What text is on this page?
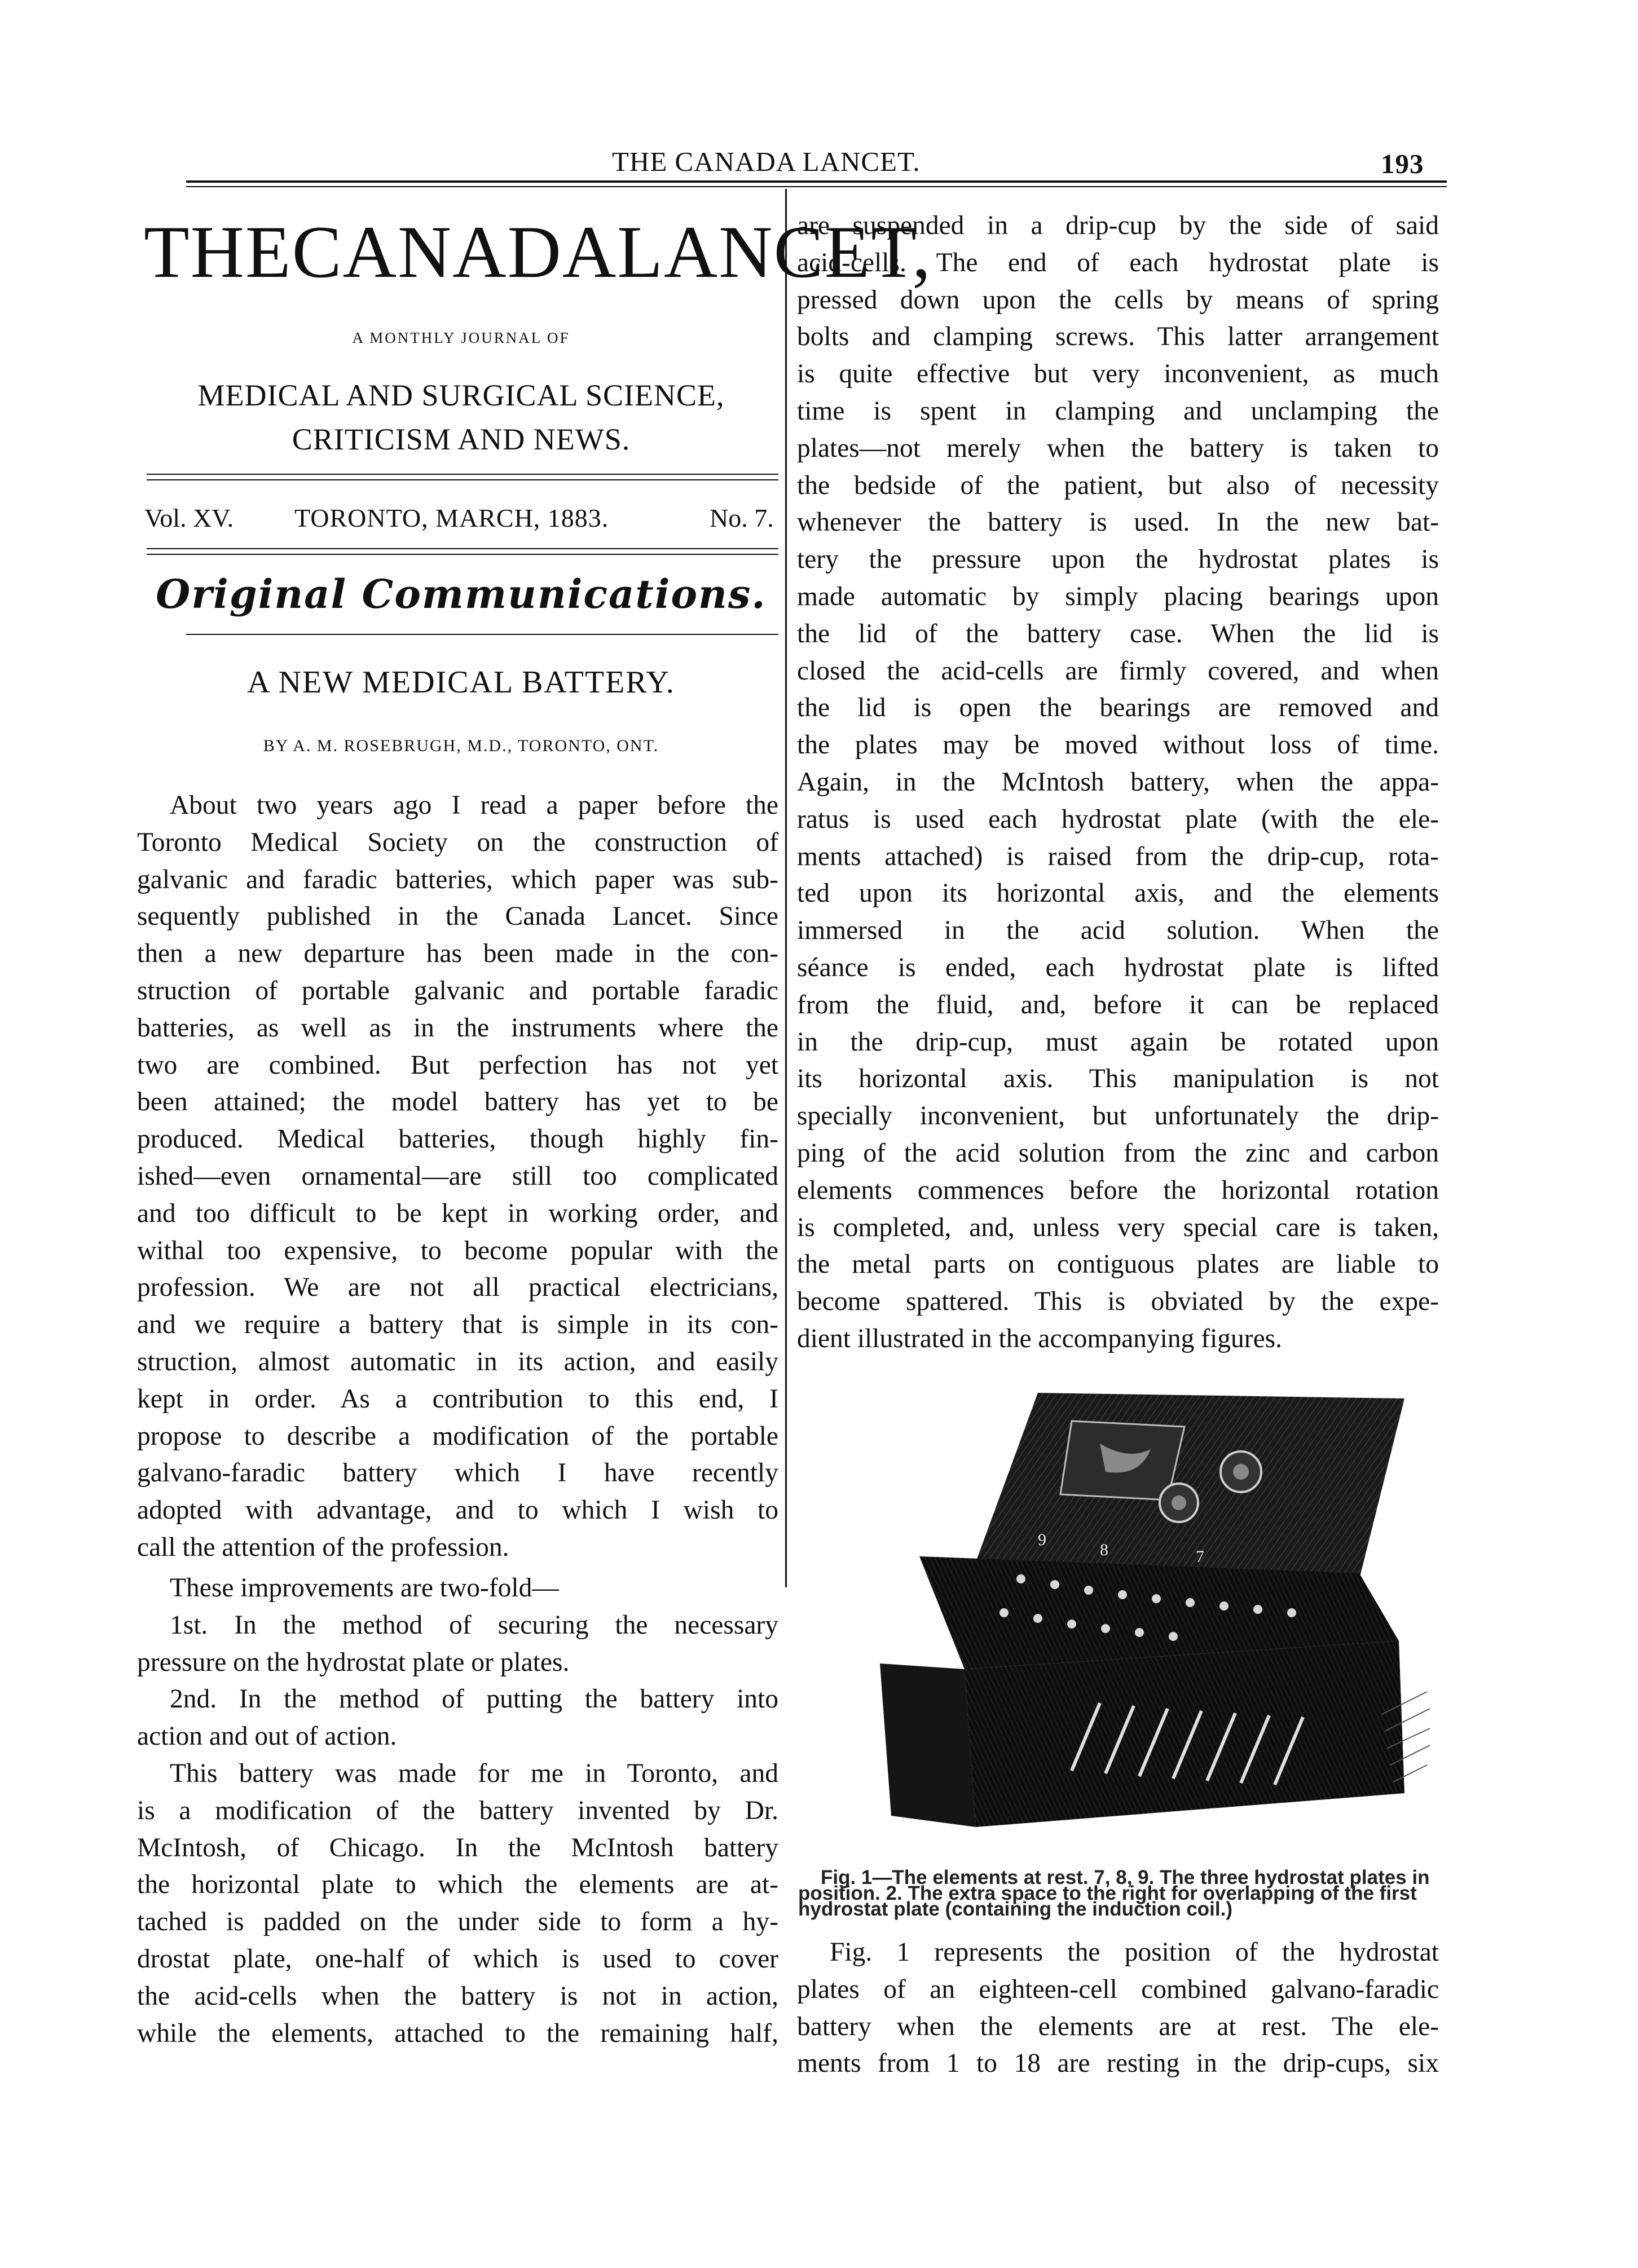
THE CANADA LANCET.	193
THE CANADA LANCET,
A MONTHLY JOURNAL OF
MEDICAL AND SURGICAL SCIENCE,
CRITICISM AND NEWS.
Vol. XV. TORONTO, MARCH, 1883.	No. 7.
Original Communications.
A NEW MEDICAL BATTERY.
BY A. M. ROSEBRUGH, M.D., TORONTO, ONT.
About two years ago I read a paper before the
Toronto Medical Society on the construction of
galvanic and faradic batteries, which paper was sub-
sequently published in the Canada Lancet. Since
then a new departure has been made in the con-
struction of portable galvanic and portable faradic
batteries, as well as in the instruments where the
two are combined. But perfection has not yet
been attained; the model battery has yet to be
produced. Medical batteries, though highly fin-
ished—even ornamental—are still too complicated
and too difficult to be kept in working order, and
withal too expensive, to become popular with the
profession. We are not all practical electricians,
and we require a battery that is simple in its con-
struction, almost automatic in its action, and easily
kept in order. As a contribution to this end, I
propose to describe a modification of the portable
galvano-faradic battery which I have recently
adopted with advantage, and to which I wish to
call the attention of the profession.
These improvements are two-fold—
1st. In the method of securing the necessary
pressure on the hydrostat plate or plates.
2nd. In the method of putting the battery into
action and out of action.
This battery was made for me in Toronto, and
is a modification of the battery invented by Dr.
McIntosh, of Chicago. In the McIntosh battery
the horizontal plate to which the elements are at-
tached is padded on the under side to form a hy-
drostat plate, one-half of which is used to cover
the acid-cells when the battery is not in action,
while the elements, attached to the remaining half,
are suspended in a drip-cup by the side of said
acid-cells. The end of each hydrostat plate is
pressed down upon the cells by means of spring
bolts and clamping screws. This latter arrangement
is quite effective but very inconvenient, as much
time is spent in clamping and unclamping the
plates—not merely when the battery is taken to
the bedside of the patient, but also of necessity
whenever the battery is used. In the new bat-
tery the pressure upon the hydrostat plates is
made automatic by simply placing bearings upon
the lid of the battery case. When the lid is
closed the acid-cells are firmly covered, and when
the lid is open the bearings are removed and
the plates may be moved without loss of time.
Again, in the McIntosh battery, when the appa-
ratus is used each hydrostat plate (with the ele-
ments attached) is raised from the drip-cup, rota-
ted upon its horizontal axis, and the elements
immersed in the acid solution. When the
séance is ended, each hydrostat plate is lifted
from the fluid, and, before it can be replaced
in the drip-cup, must again be rotated upon
its horizontal axis. This manipulation is not
specially inconvenient, but unfortunately the drip-
ping of the acid solution from the zinc and carbon
elements commences before the horizontal rotation
is completed, and, unless very special care is taken,
the metal parts on contiguous plates are liable to
become spattered. This is obviated by the expe-
dient illustrated in the accompanying figures.
9
8	7
Fig. 1—The elements at rest. 7, 8, 9. The three hydrostat plates in
position. 2. The extra space to the right for overlapping of the first
hydrostat plate (containing the induction coil.)
Fig. 1 represents the position of the hydrostat
plates of an eighteen-cell combined galvano-faradic
battery when the elements are at rest. The ele-
ments from 1 to 18 are resting in the drip-cups, six
